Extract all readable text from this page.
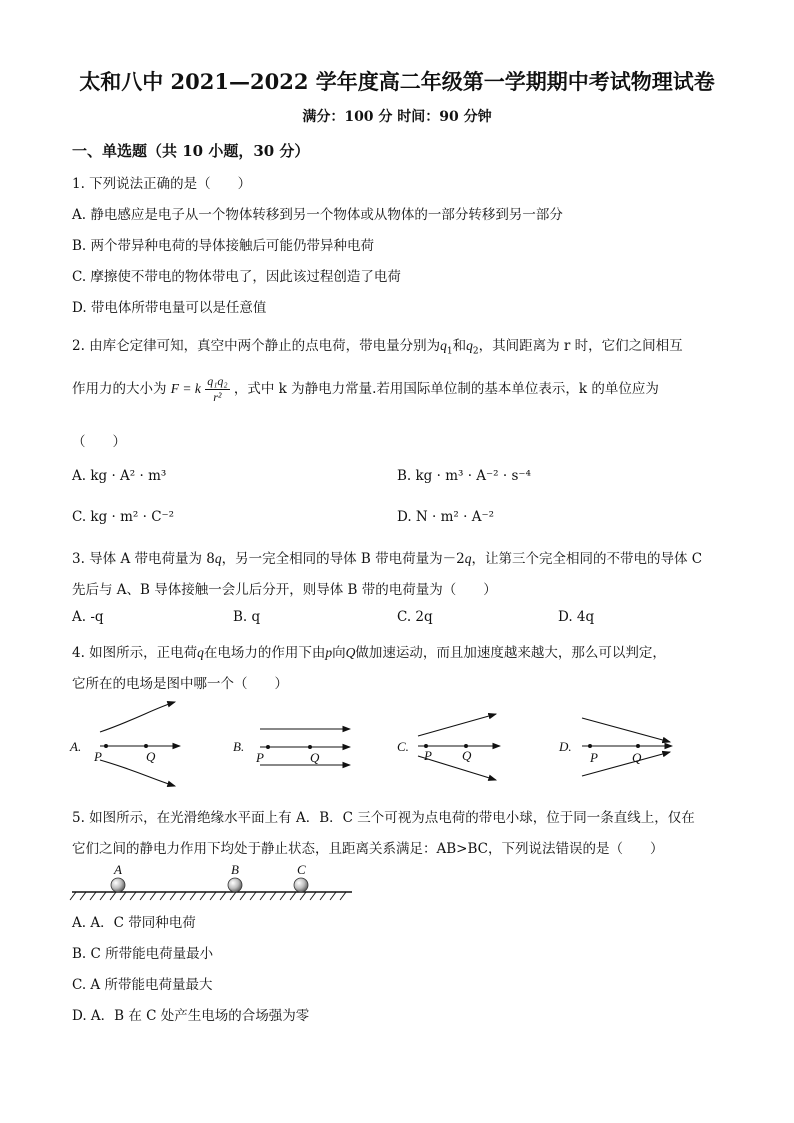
太和八中 2021—2022 学年度高二年级第一学期期中考试物理试卷
满分：100 分 时间：90 分钟
一、单选题（共 10 小题，30 分）
1. 下列说法正确的是（　　）
A. 静电感应是电子从一个物体转移到另一个物体或从物体的一部分转移到另一部分
B. 两个带异种电荷的导体接触后可能仍带异种电荷
C. 摩擦使不带电的物体带电了，因此该过程创造了电荷
D. 带电体所带电量可以是任意值
2. 由库仑定律可知，真空中两个静止的点电荷，带电量分别为$q_1$和$q_2$，其间距离为 r 时，它们之间相互
作用力的大小为 F = k $\frac{\text{q₁q₂}}{\text{r²}}$ ，式中 k 为静电力常量.若用国际单位制的基本单位表示，k 的单位应为
（　　）
A. kg · A² · m³	B. kg · m³ · A⁻² · s⁻⁴
C. kg · m² · C⁻²	D. N · m² · A⁻²
3. 导体 A 带电荷量为 8q，另一完全相同的导体 B 带电荷量为－2q，让第三个完全相同的不带电的导体 C
先后与 A、B 导体接触一会儿后分开，则导体 B 带的电荷量为（　　）
A. -q	B. q	C. 2q	D. 4q
4. 如图所示，正电荷q在电场力的作用下由p向Q做加速运动，而且加速度越来越大，那么可以判定，
它所在的电场是图中哪一个（　　）
A.
P	Q
B.
P	Q
C.
P Q
D.
P	Q
5. 如图所示，在光滑绝缘水平面上有 A．B．C 三个可视为点电荷的带电小球，位于同一条直线上，仅在
它们之间的静电力作用下均处于静止状态，且距离关系满足：AB>BC，下列说法错误的是（　　）
A	B	C
A. A．C 带同种电荷
B. C 所带能电荷量最小
C. A 所带能电荷量最大
D. A．B 在 C 处产生电场的合场强为零
